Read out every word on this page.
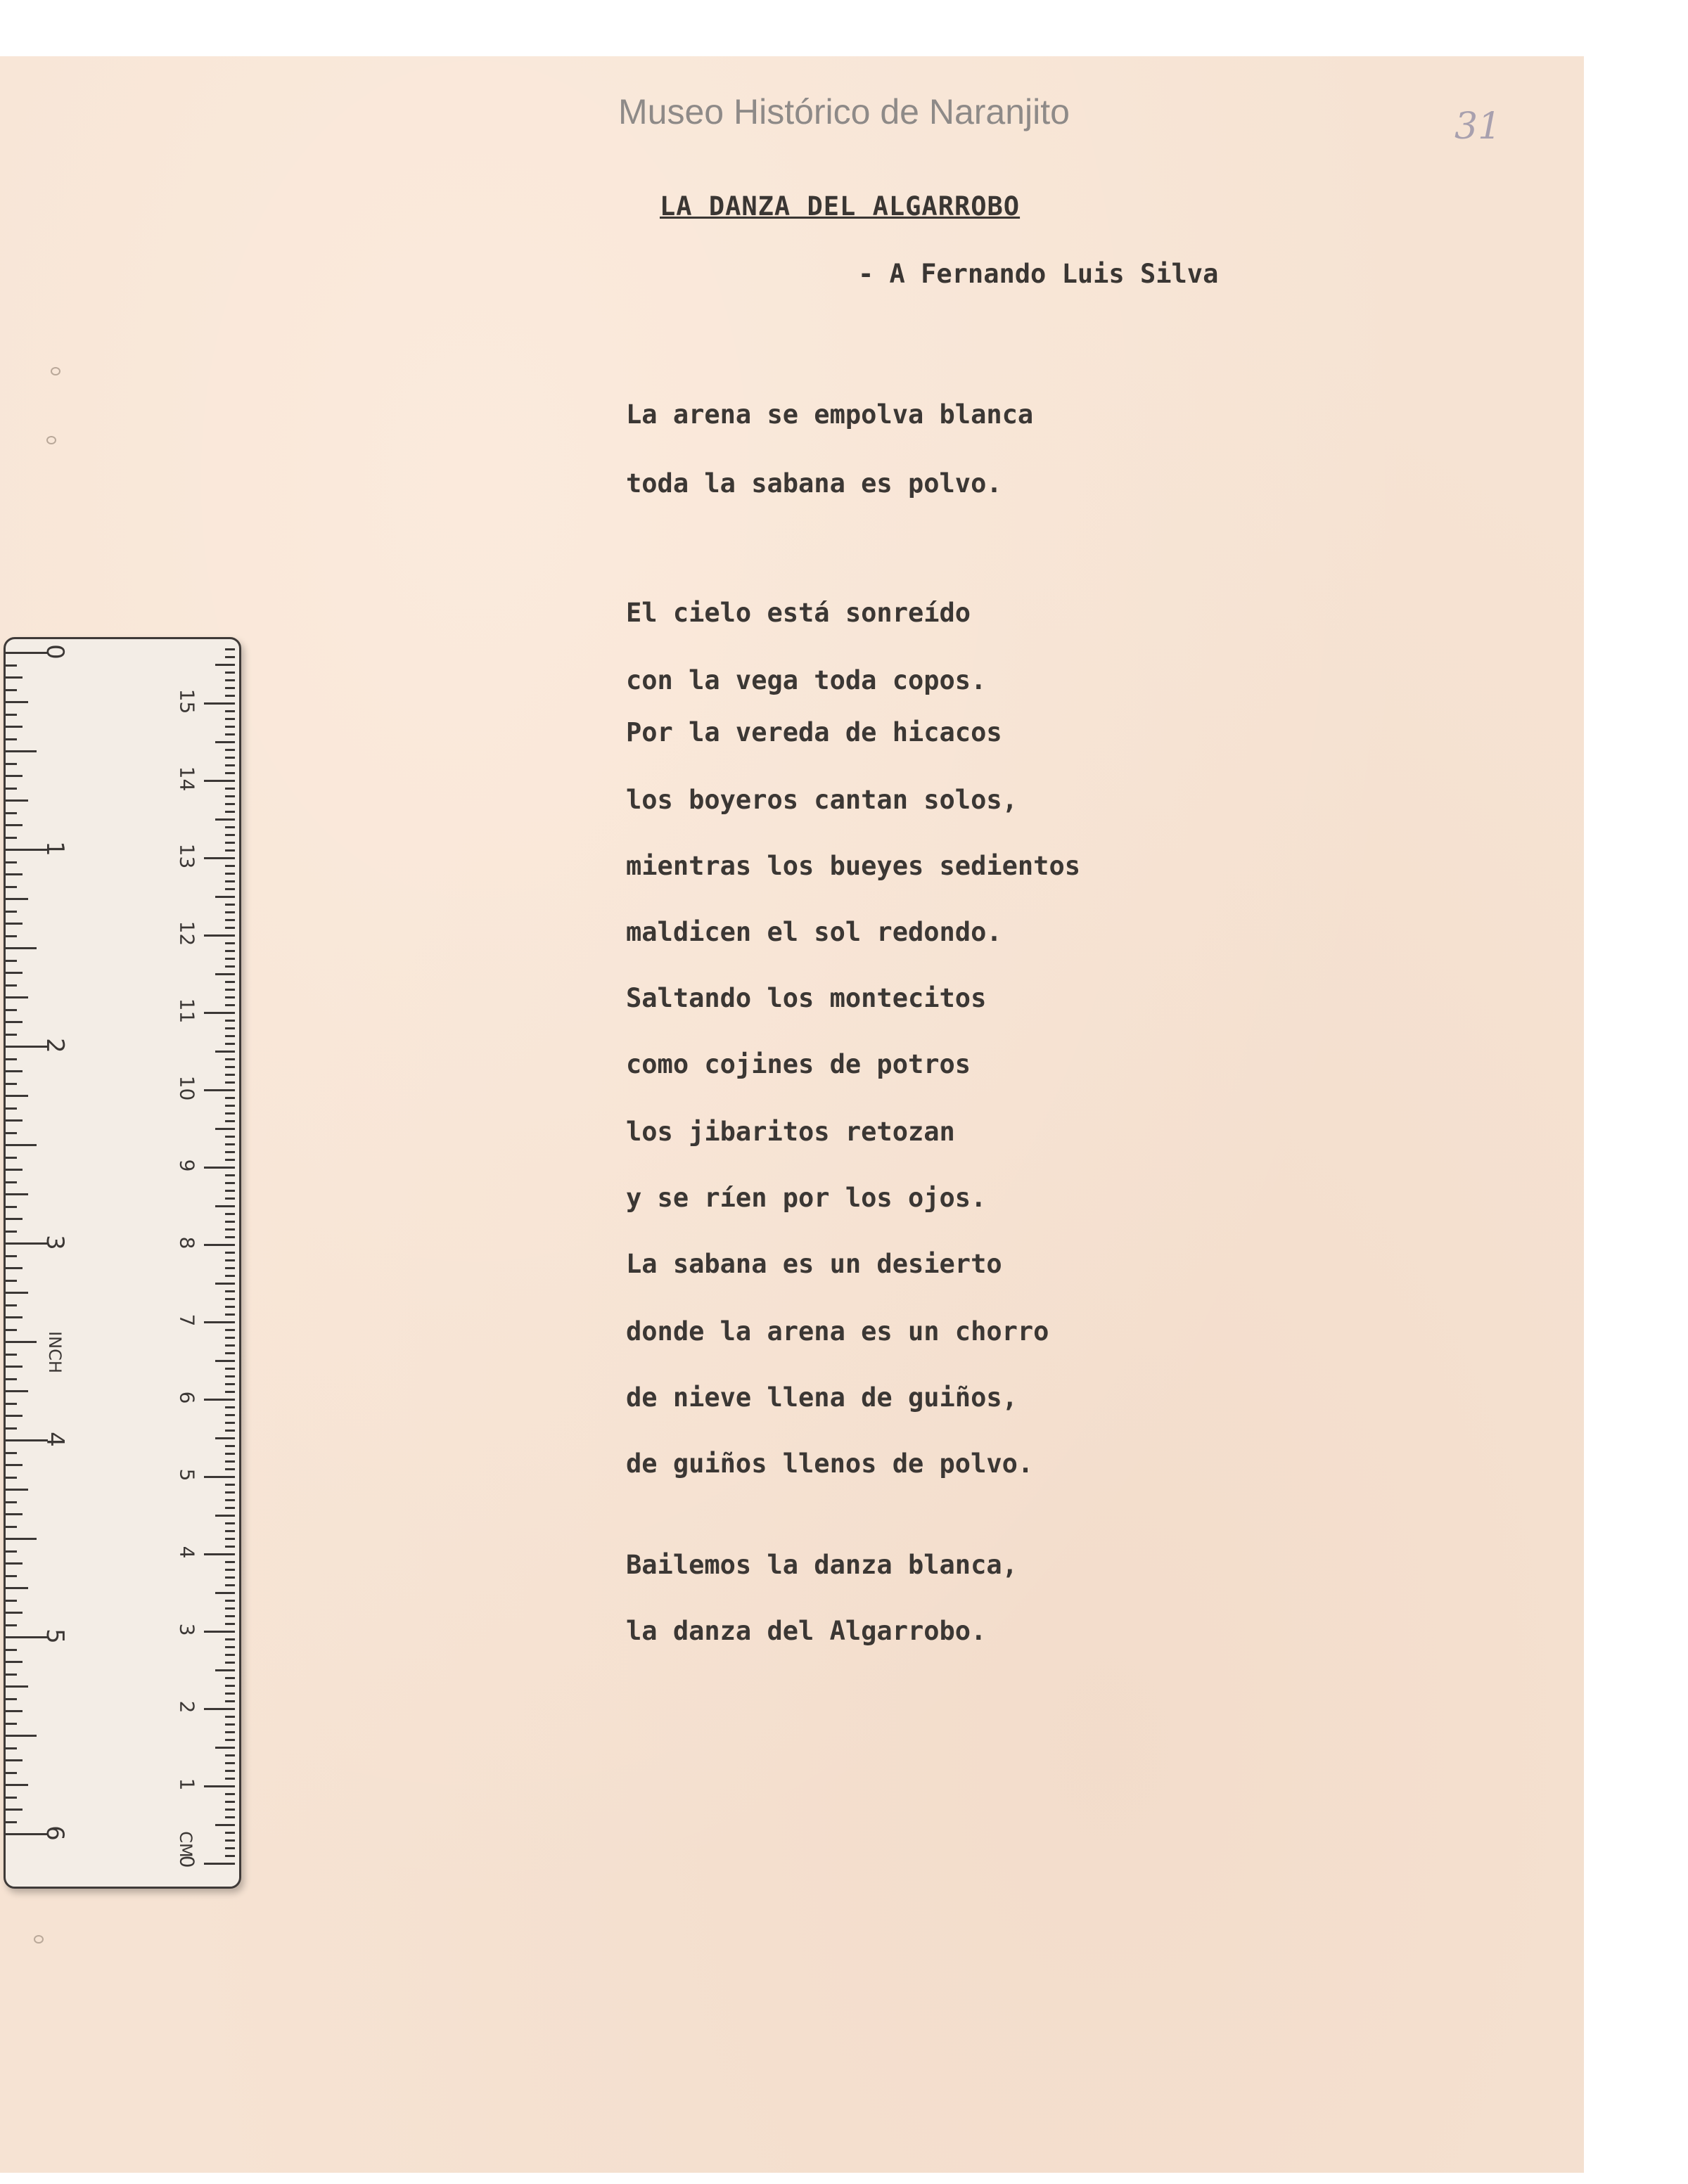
Museo Histórico de Naranjito	31
LA DANZA DEL ALGARROBO
- A Fernando Luis Silva
La arena se empolva blanca
toda la sabana es polvo.
El cielo está sonreído
con la vega toda copos.
Por la vereda de hicacos
los boyeros cantan solos,
mientras los bueyes sedientos
maldicen el sol redondo.
Saltando los montecitos
como cojines de potros
los jibaritos retozan
y se ríen por los ojos.
La sabana es un desierto
donde la arena es un chorro
de nieve llena de guiños,
de guiños llenos de polvo.
Bailemos la danza blanca,
la danza del Algarrobo.
INCH
CM
0
1
2
3
4
5
6
15
14
13
12
11
10
9
8
7
6
5
4
3
2
1
0
